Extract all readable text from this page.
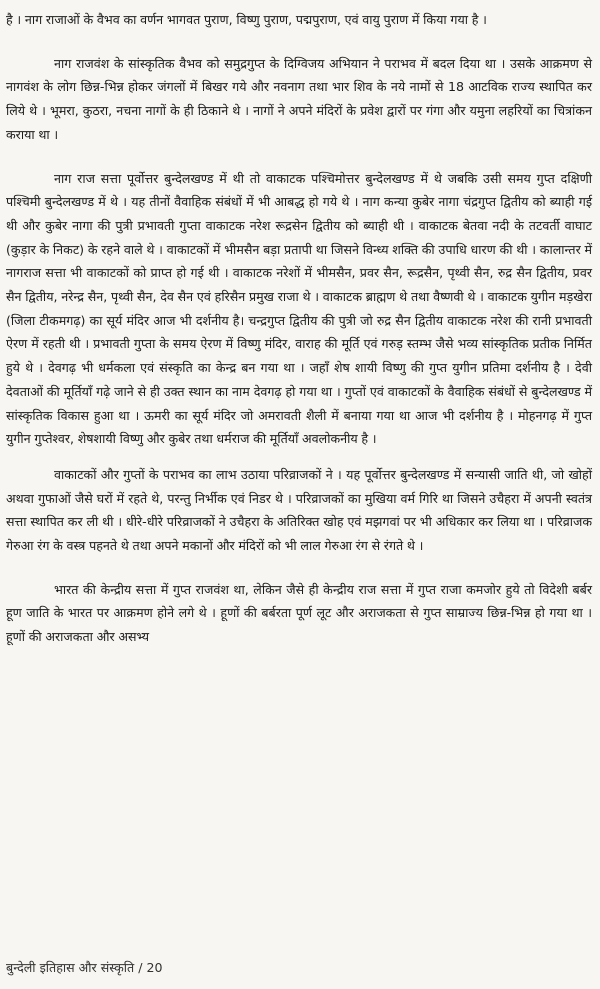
है । नाग राजाओं के वैभव का वर्णन भागवत पुराण, विष्णु पुराण, पद्मपुराण, एवं वायु पुराण में किया गया है ।

नाग राजवंश के सांस्कृतिक वैभव को समुद्रगुप्त के दिग्विजय अभियान ने पराभव में बदल दिया था । उसके आक्रमण से नागवंश के लोग छिन्न-भिन्न होकर जंगलों में बिखर गये और नवनाग तथा भार शिव के नये नामों से 18 आटविक राज्य स्थापित कर लिये थे । भूमरा, कुठरा, नचना नागों के ही ठिकाने थे । नागों ने अपने मंदिरों के प्रवेश द्वारों पर गंगा और यमुना लहरियों का चित्रांकन कराया था ।

नाग राज सत्ता पूर्वोत्तर बुन्देलखण्ड में थी तो वाकाटक पश्चिमोत्तर बुन्देलखण्ड में थे जबकि उसी समय गुप्त दक्षिणी पश्चिमी बुन्देलखण्ड में थे । यह तीनों वैवाहिक संबंधों में भी आबद्ध हो गये थे । नाग कन्या कुबेर नागा चंद्रगुप्त द्वितीय को ब्याही गई थी और कुबेर नागा की पुत्री प्रभावती गुप्ता वाकाटक नरेश रूद्रसेन द्वितीय को ब्याही थी । वाकाटक बेतवा नदी के तटवर्ती वाघाट (कुड़ार के निकट) के रहने वाले थे । वाकाटकों में भीमसैन बड़ा प्रतापी था जिसने विन्ध्य शक्ति की उपाधि धारण की थी । कालान्तर में नागराज सत्ता भी वाकाटकों को प्राप्त हो गई थी । वाकाटक नरेशों में भीमसैन, प्रवर सैन, रूद्रसैन, पृथ्वी सैन, रुद्र सैन द्वितीय, प्रवर सैन द्वितीय, नरेन्द्र सैन, पृथ्वी सैन, देव सैन एवं हरिसैन प्रमुख राजा थे । वाकाटक ब्राह्मण थे तथा वैष्णवी थे । वाकाटक युगीन मड़खेरा (जिला टीकमगढ़) का सूर्य मंदिर आज भी दर्शनीय है। चन्द्रगुप्त द्वितीय की पुत्री जो रुद्र सैन द्वितीय वाकाटक नरेश की रानी प्रभावती ऐरण में रहती थी । प्रभावती गुप्ता के समय ऐरण में विष्णु मंदिर, वाराह की मूर्ति एवं गरुड़ स्तम्भ जैसे भव्य सांस्कृतिक प्रतीक निर्मित हुये थे । देवगढ़ भी धर्मकला एवं संस्कृति का केन्द्र बन गया था । जहाँ शेष शायी विष्णु की गुप्त युगीन प्रतिमा दर्शनीय है । देवी देवताओं की मूर्तियाँ गढ़े जाने से ही उक्त स्थान का नाम देवगढ़ हो गया था । गुप्तों एवं वाकाटकों के वैवाहिक संबंधों से बुन्देलखण्ड में सांस्कृतिक विकास हुआ था । ऊमरी का सूर्य मंदिर जो अमरावती शैली में बनाया गया था आज भी दर्शनीय है । मोहनगढ़ में गुप्त युगीन गुप्तेश्वर, शेषशायी विष्णु और कुबेर तथा धर्मराज की मूर्तियाँ अवलोकनीय है ।

वाकाटकों और गुप्तों के पराभव का लाभ उठाया परिव्राजकों ने । यह पूर्वोत्तर बुन्देलखण्ड में सन्यासी जाति थी, जो खोहों अथवा गुफाओं जैसे घरों में रहते थे, परन्तु निर्भीक एवं निडर थे । परिव्राजकों का मुखिया वर्म गिरि था जिसने उचैहरा में अपनी स्वतंत्र सत्ता स्थापित कर ली थी । धीरे-धीरे परिव्राजकों ने उचैहरा के अतिरिक्त खोह एवं मझगवां पर भी अधिकार कर लिया था । परिव्राजक गेरुआ रंग के वस्त्र पहनते थे तथा अपने मकानों और मंदिरों को भी लाल गेरुआ रंग से रंगते थे ।

भारत की केन्द्रीय सत्ता में गुप्त राजवंश था, लेकिन जैसे ही केन्द्रीय राज सत्ता में गुप्त राजा कमजोर हुये तो विदेशी बर्बर हूण जाति के भारत पर आक्रमण होने लगे थे । हूणों की बर्बरता पूर्ण लूट और अराजकता से गुप्त साम्राज्य छिन्न-भिन्न हो गया था । हूणों की अराजकता और असभ्य

बुन्देली इतिहास और संस्कृति / 20
